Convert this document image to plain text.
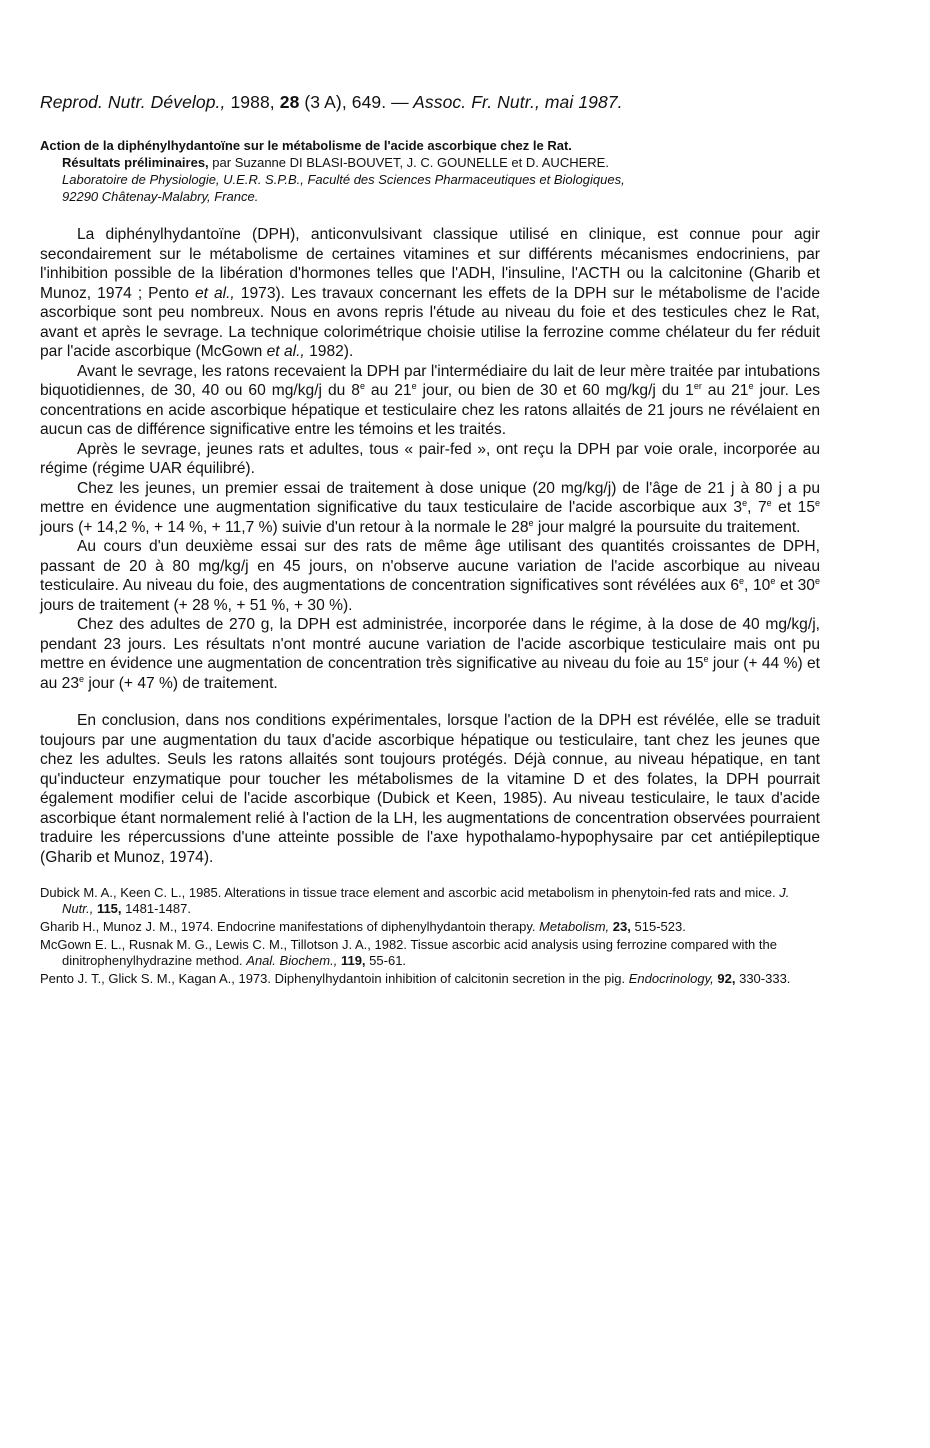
Reprod. Nutr. Dévelop., 1988, 28 (3 A), 649. — Assoc. Fr. Nutr., mai 1987.
Action de la diphénylhydantoïne sur le métabolisme de l'acide ascorbique chez le Rat.
Résultats préliminaires, par Suzanne DI BLASI-BOUVET, J. C. GOUNELLE et D. AUCHERE.
Laboratoire de Physiologie, U.E.R. S.P.B., Faculté des Sciences Pharmaceutiques et Biologiques,
92290 Châtenay-Malabry, France.

La diphénylhydantoïne (DPH), anticonvulsivant classique utilisé en clinique, est connue pour agir secondairement sur le métabolisme de certaines vitamines et sur différents mécanismes endocriniens, par l'inhibition possible de la libération d'hormones telles que l'ADH, l'insuline, l'ACTH ou la calcitonine (Gharib et Munoz, 1974 ; Pento et al., 1973). Les travaux concernant les effets de la DPH sur le métabolisme de l'acide ascorbique sont peu nombreux. Nous en avons repris l'étude au niveau du foie et des testicules chez le Rat, avant et après le sevrage. La technique colorimétrique choisie utilise la ferrozine comme chélateur du fer réduit par l'acide ascorbique (McGown et al., 1982).

Avant le sevrage, les ratons recevaient la DPH par l'intermédiaire du lait de leur mère traitée par intubations biquotidiennes, de 30, 40 ou 60 mg/kg/j du 8e au 21e jour, ou bien de 30 et 60 mg/kg/j du 1er au 21e jour. Les concentrations en acide ascorbique hépatique et testiculaire chez les ratons allaités de 21 jours ne révélaient en aucun cas de différence significative entre les témoins et les traités.

Après le sevrage, jeunes rats et adultes, tous « pair-fed », ont reçu la DPH par voie orale, incorporée au régime (régime UAR équilibré).

Chez les jeunes, un premier essai de traitement à dose unique (20 mg/kg/j) de l'âge de 21 j à 80 j a pu mettre en évidence une augmentation significative du taux testiculaire de l'acide ascorbique aux 3e, 7e et 15e jours (+ 14,2 %, + 14 %, + 11,7 %) suivie d'un retour à la normale le 28e jour malgré la poursuite du traitement.

Au cours d'un deuxième essai sur des rats de même âge utilisant des quantités croissantes de DPH, passant de 20 à 80 mg/kg/j en 45 jours, on n'observe aucune variation de l'acide ascorbique au niveau testiculaire. Au niveau du foie, des augmentations de concentration significatives sont révélées aux 6e, 10e et 30e jours de traitement (+ 28 %, + 51 %, + 30 %).

Chez des adultes de 270 g, la DPH est administrée, incorporée dans le régime, à la dose de 40 mg/kg/j, pendant 23 jours. Les résultats n'ont montré aucune variation de l'acide ascorbique testiculaire mais ont pu mettre en évidence une augmentation de concentration très significative au niveau du foie au 15e jour (+ 44 %) et au 23e jour (+ 47 %) de traitement.

En conclusion, dans nos conditions expérimentales, lorsque l'action de la DPH est révélée, elle se traduit toujours par une augmentation du taux d'acide ascorbique hépatique ou testiculaire, tant chez les jeunes que chez les adultes. Seuls les ratons allaités sont toujours protégés. Déjà connue, au niveau hépatique, en tant qu'inducteur enzymatique pour toucher les métabolismes de la vitamine D et des folates, la DPH pourrait également modifier celui de l'acide ascorbique (Dubick et Keen, 1985). Au niveau testiculaire, le taux d'acide ascorbique étant normalement relié à l'action de la LH, les augmentations de concentration observées pourraient traduire les répercussions d'une atteinte possible de l'axe hypothalamo-hypophysaire par cet antiépileptique (Gharib et Munoz, 1974).

Dubick M. A., Keen C. L., 1985. Alterations in tissue trace element and ascorbic acid metabolism in phenytoin-fed rats and mice. J. Nutr., 115, 1481-1487.
Gharib H., Munoz J. M., 1974. Endocrine manifestations of diphenylhydantoin therapy. Metabolism, 23, 515-523.
McGown E. L., Rusnak M. G., Lewis C. M., Tillotson J. A., 1982. Tissue ascorbic acid analysis using ferrozine compared with the dinitrophenylhydrazine method. Anal. Biochem., 119, 55-61.
Pento J. T., Glick S. M., Kagan A., 1973. Diphenylhydantoin inhibition of calcitonin secretion in the pig. Endocrinology, 92, 330-333.
